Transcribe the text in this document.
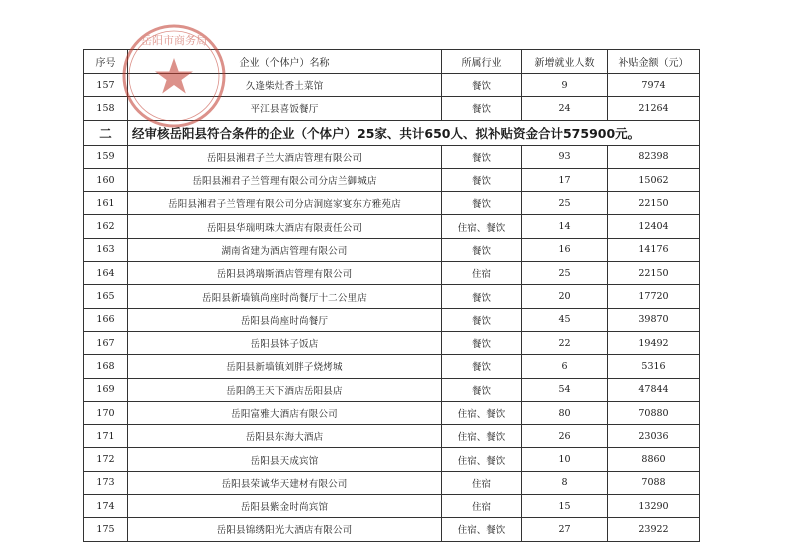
序号	企业（个体户）名称	所属行业	新增就业人数	补贴金额（元）
157	久逢柴灶香土菜馆	餐饮	9	7974
158	平江县喜饭餐厅	餐饮	24	21264
二	经审核岳阳县符合条件的企业（个体户）25家、共计650人、拟补贴资金合计575900元。			
159	岳阳县湘君子兰大酒店管理有限公司	餐饮	93	82398
160	岳阳县湘君子兰管理有限公司分店兰御城店	餐饮	17	15062
161	岳阳县湘君子兰管理有限公司分店洞庭家宴东方雅苑店	餐饮	25	22150
162	岳阳县华瑞明珠大酒店有限责任公司	住宿、餐饮	14	12404
163	湖南省建为酒店管理有限公司	餐饮	16	14176
164	岳阳县鸿瑞斯酒店管理有限公司	住宿	25	22150
165	岳阳县新墙镇尚座时尚餐厅十二公里店	餐饮	20	17720
166	岳阳县尚座时尚餐厅	餐饮	45	39870
167	岳阳县钵子饭店	餐饮	22	19492
168	岳阳县新墙镇刘胖子烧烤城	餐饮	6	5316
169	岳阳鸽王天下酒店岳阳县店	餐饮	54	47844
170	岳阳富雅大酒店有限公司	住宿、餐饮	80	70880
171	岳阳县东海大酒店	住宿、餐饮	26	23036
172	岳阳县天成宾馆	住宿、餐饮	10	8860
173	岳阳县荣诚华天建材有限公司	住宿	8	7088
174	岳阳县紫金时尚宾馆	住宿	15	13290
175	岳阳县锦绣阳光大酒店有限公司	住宿、餐饮	27	23922
岳阳市商务局
